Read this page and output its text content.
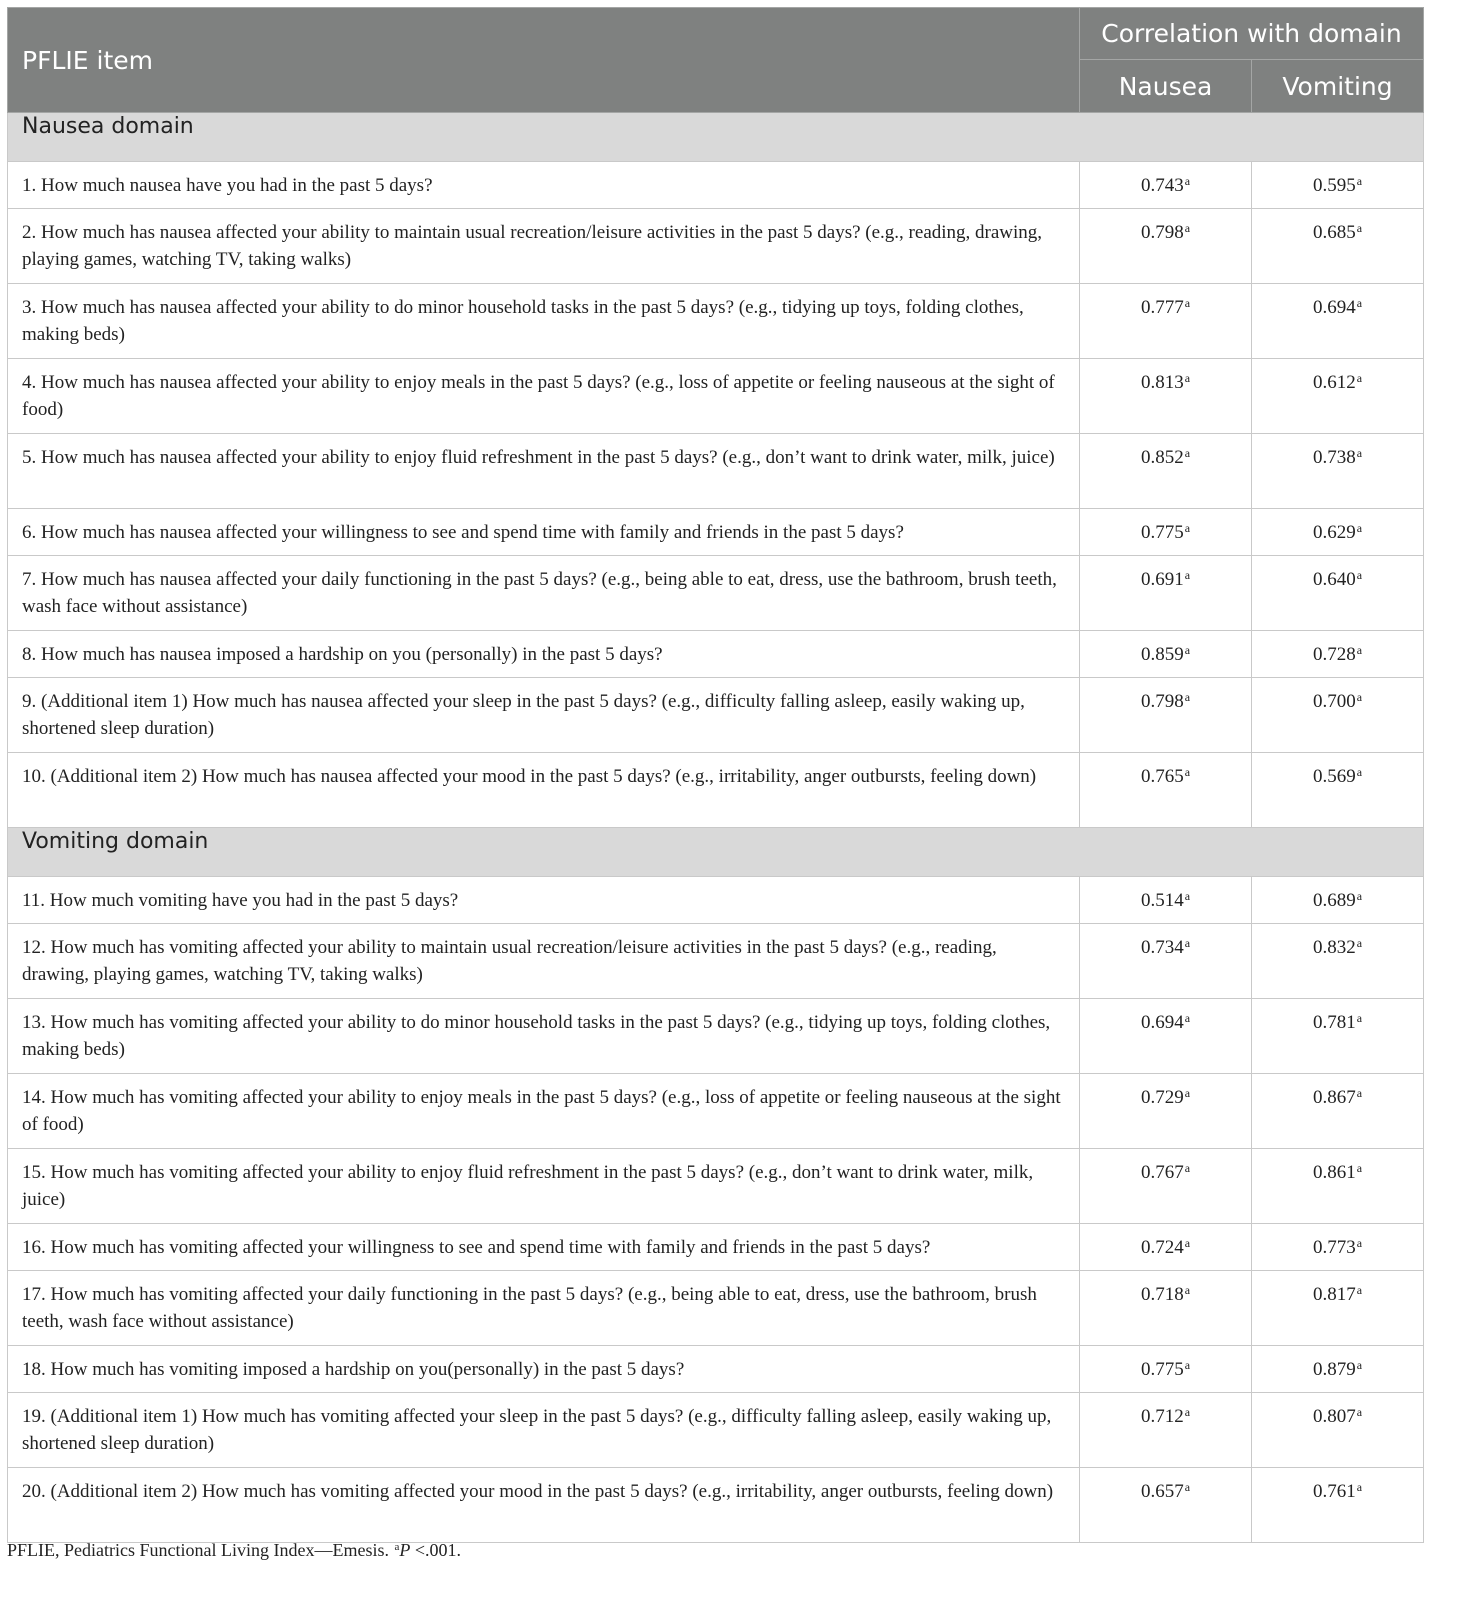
PFLIE item	Correlation with domain	
	Nausea	Vomiting
Nausea domain		
1. How much nausea have you had in the past 5 days?	0.743$^a$	0.595$^a$
2. How much has nausea affected your ability to maintain usual recreation/leisure activities in the past 5 days? (e.g., reading, drawing, playing games, watching TV, taking walks)	0.798$^a$	0.685$^a$
3. How much has nausea affected your ability to do minor household tasks in the past 5 days? (e.g., tidying up toys, folding clothes, making beds)	0.777$^a$	0.694$^a$
4. How much has nausea affected your ability to enjoy meals in the past 5 days? (e.g., loss of appetite or feeling nauseous at the sight of food)	0.813$^a$	0.612$^a$
5. How much has nausea affected your ability to enjoy fluid refreshment in the past 5 days? (e.g., don’t want to drink water, milk, juice)	0.852$^a$	0.738$^a$
6. How much has nausea affected your willingness to see and spend time with family and friends in the past 5 days?	0.775$^a$	0.629$^a$
7. How much has nausea affected your daily functioning in the past 5 days? (e.g., being able to eat, dress, use the bathroom, brush teeth, wash face without assistance)	0.691$^a$	0.640$^a$
8. How much has nausea imposed a hardship on you (personally) in the past 5 days?	0.859$^a$	0.728$^a$
9. (Additional item 1) How much has nausea affected your sleep in the past 5 days? (e.g., difficulty falling asleep, easily waking up, shortened sleep duration)	0.798$^a$	0.700$^a$
10. (Additional item 2) How much has nausea affected your mood in the past 5 days? (e.g., irritability, anger outbursts, feeling down)	0.765$^a$	0.569$^a$
Vomiting domain		
11. How much vomiting have you had in the past 5 days?	0.514$^a$	0.689$^a$
12. How much has vomiting affected your ability to maintain usual recreation/leisure activities in the past 5 days? (e.g., reading, drawing, playing games, watching TV, taking walks)	0.734$^a$	0.832$^a$
13. How much has vomiting affected your ability to do minor household tasks in the past 5 days? (e.g., tidying up toys, folding clothes, making beds)	0.694$^a$	0.781$^a$
14. How much has vomiting affected your ability to enjoy meals in the past 5 days? (e.g., loss of appetite or feeling nauseous at the sight of food)	0.729$^a$	0.867$^a$
15. How much has vomiting affected your ability to enjoy fluid refreshment in the past 5 days? (e.g., don’t want to drink water, milk, juice)	0.767$^a$	0.861$^a$
16. How much has vomiting affected your willingness to see and spend time with family and friends in the past 5 days?	0.724$^a$	0.773$^a$
17. How much has vomiting affected your daily functioning in the past 5 days? (e.g., being able to eat, dress, use the bathroom, brush teeth, wash face without assistance)	0.718$^a$	0.817$^a$
18. How much has vomiting imposed a hardship on you(personally) in the past 5 days?	0.775$^a$	0.879$^a$
19. (Additional item 1) How much has vomiting affected your sleep in the past 5 days? (e.g., difficulty falling asleep, easily waking up, shortened sleep duration)	0.712$^a$	0.807$^a$
20. (Additional item 2) How much has vomiting affected your mood in the past 5 days? (e.g., irritability, anger outbursts, feeling down)	0.657$^a$	0.761$^a$
PFLIE, Pediatrics Functional Living Index—Emesis. $^a$P <.001.
